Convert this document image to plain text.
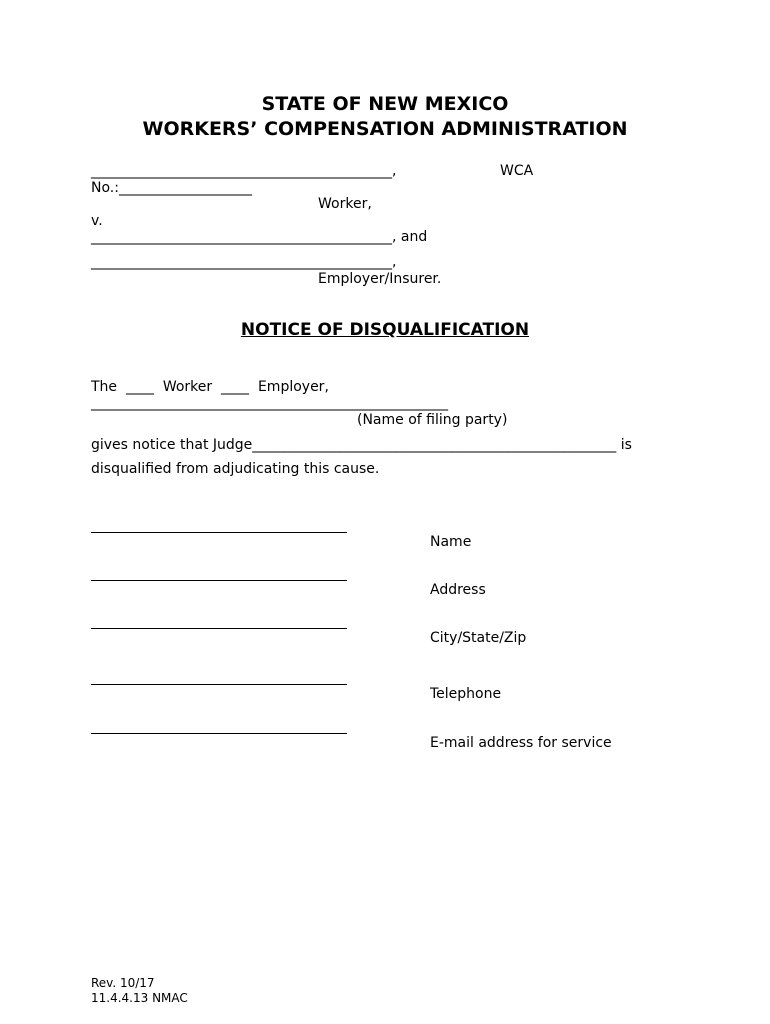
STATE OF NEW MEXICO
WORKERS’ COMPENSATION ADMINISTRATION
___________________________________________,	WCA
No.:___________________
Worker,
v.
___________________________________________, and
___________________________________________,
Employer/Insurer.
NOTICE OF DISQUALIFICATION
The  ____  Worker  ____  Employer,
___________________________________________________
(Name of filing party)
gives notice that Judge____________________________________________________ is
disqualified from adjudicating this cause.
Name
Address
City/State/Zip
Telephone
E-mail address for service
Rev. 10/17
11.4.4.13 NMAC
